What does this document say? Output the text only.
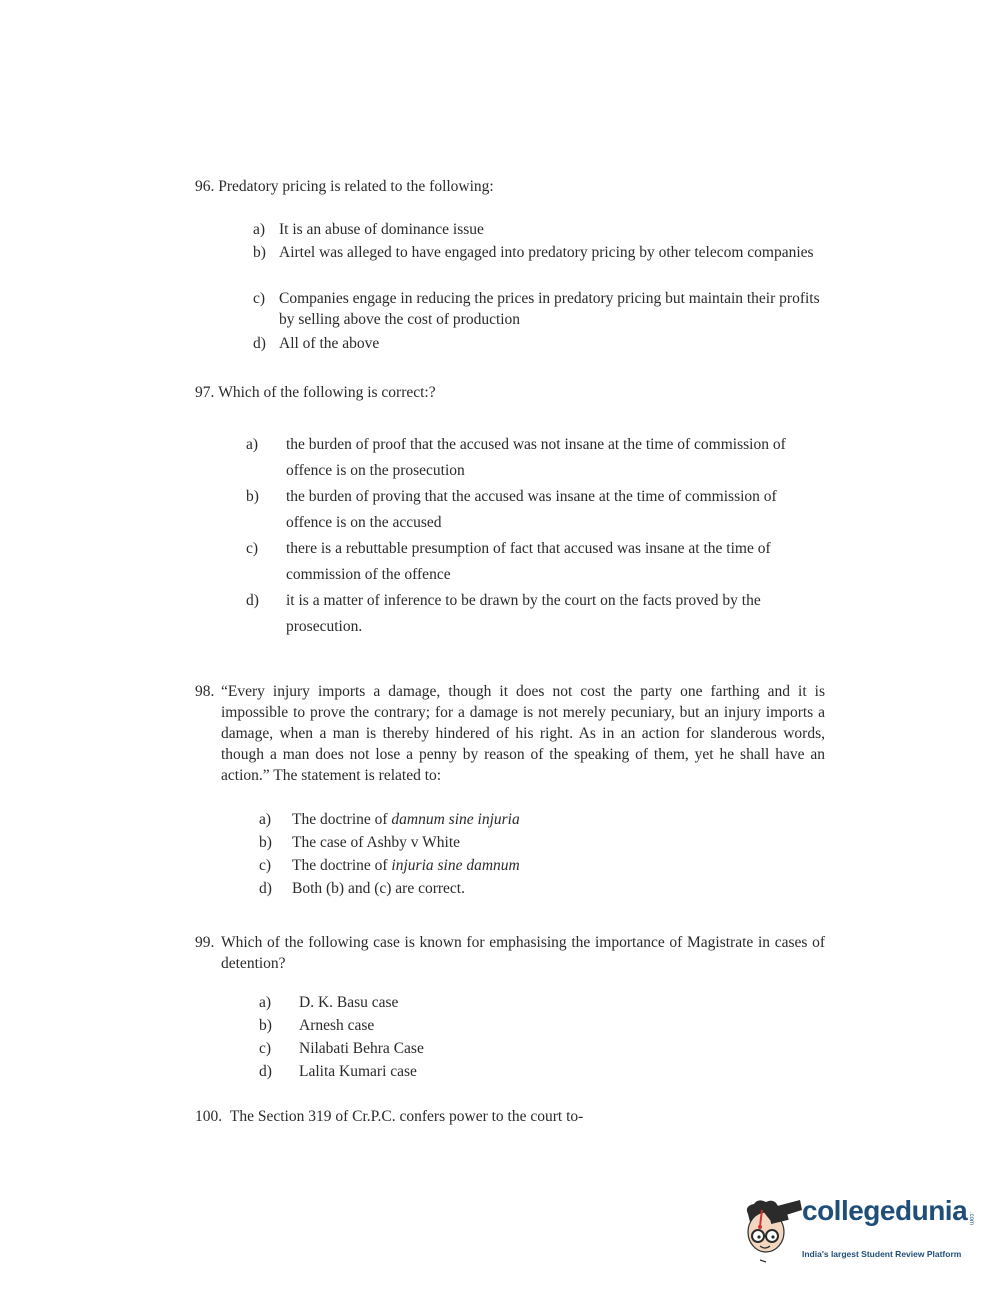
96.
Predatory pricing is related to the following:
a) It is an abuse of dominance issue
b) Airtel was alleged to have engaged into predatory pricing by other telecom companies
c) Companies engage in reducing the prices in predatory pricing but maintain their profits by selling above the cost of production
d) All of the above
97.
Which of the following is correct:?
a)	the burden of proof that the accused was not insane at the time of commission of offence is on the prosecution
b)	the burden of proving that the accused was insane at the time of commission of offence is on the accused
c)	there is a rebuttable presumption of fact that accused was insane at the time of commission of the offence
d)	it is a matter of inference to be drawn by the court on the facts proved by the prosecution.
98. “Every injury imports a damage, though it does not cost the party one farthing and it is impossible to prove the contrary; for a damage is not merely pecuniary, but an injury imports a damage, when a man is thereby hindered of his right. As in an action for slanderous words, though a man does not lose a penny by reason of the speaking of them, yet he shall have an action.” The statement is related to:
a)	The doctrine of damnum sine injuria
b)	The case of Ashby v White
c)	The doctrine of injuria sine damnum
d)	Both (b) and (c) are correct.
99. Which of the following case is known for emphasising the importance of Magistrate in cases of detention?
a)	D. K. Basu case
b)	Arnesh case
c)	Nilabati Behra Case
d)	Lalita Kumari case
100.
The Section 319 of Cr.P.C. confers power to the court to-
collegedunia .com
India's largest Student Review Platform
